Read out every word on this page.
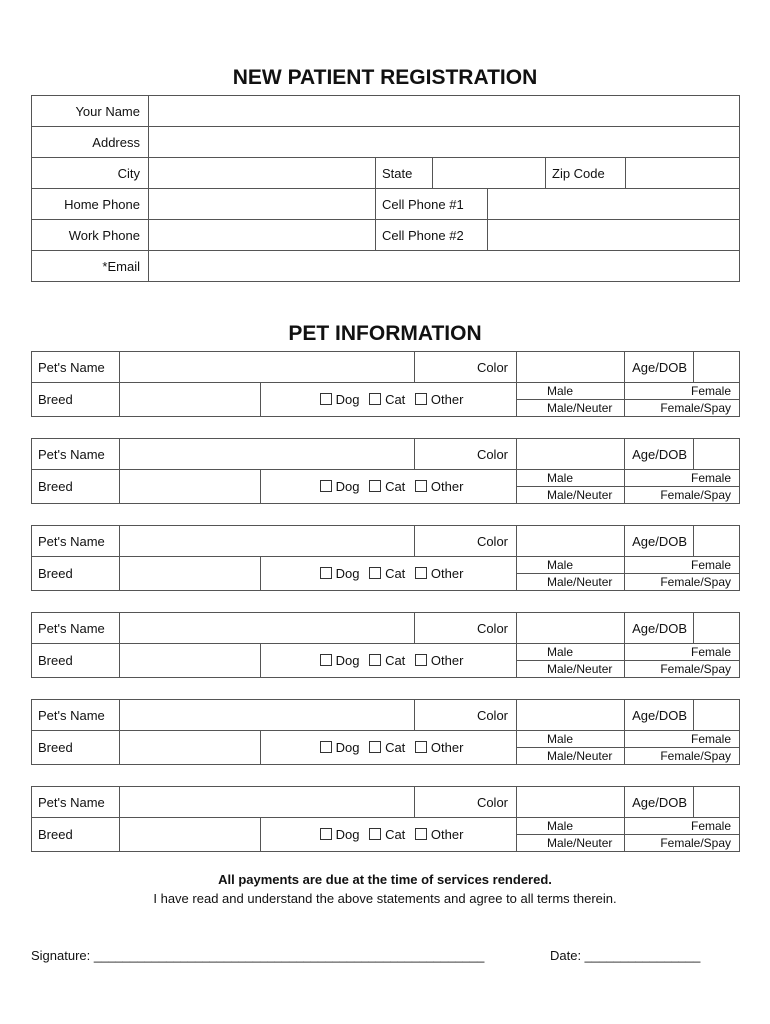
NEW PATIENT REGISTRATION
Your Name						
Address						
City		State			Zip Code	
Home Phone		Cell Phone #1				
Work Phone		Cell Phone #2				
*Email						
PET INFORMATION
Pet's Name			Color		Age/DOB	

Breed		Dog Cat Other		Male	Female	
				Male/Neuter	Female/Spay	
Pet's Name			Color		Age/DOB	

Breed		Dog Cat Other		Male	Female	
				Male/Neuter	Female/Spay	
Pet's Name			Color		Age/DOB	

Breed		Dog Cat Other		Male	Female	
				Male/Neuter	Female/Spay	
Pet's Name			Color		Age/DOB	

Breed		Dog Cat Other		Male	Female	
				Male/Neuter	Female/Spay	
Pet's Name			Color		Age/DOB	

Breed		Dog Cat Other		Male	Female	
				Male/Neuter	Female/Spay	
Pet's Name			Color		Age/DOB	

Breed		Dog Cat Other		Male	Female	
				Male/Neuter	Female/Spay	
All payments are due at the time of services rendered.
I have read and understand the above statements and agree to all terms therein.
Signature: ______________________________________________________	Date: ________________
